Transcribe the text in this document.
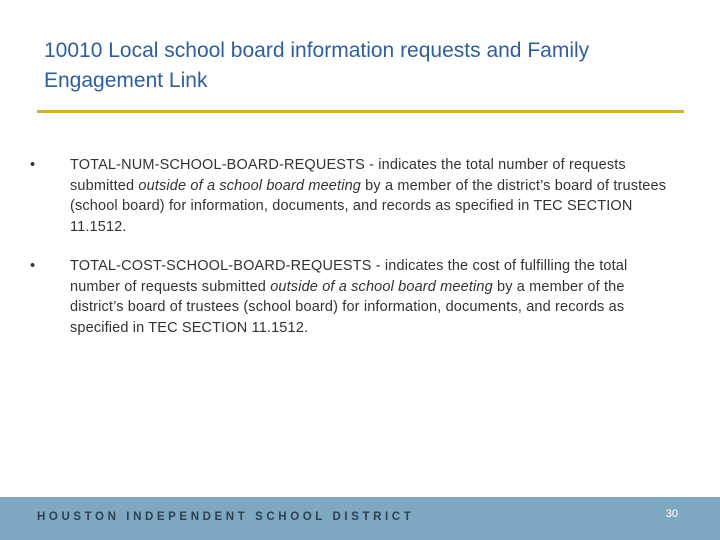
10010 Local school board information requests and Family Engagement Link
•	TOTAL-NUM-SCHOOL-BOARD-REQUESTS - indicates the total number of requests submitted outside of a school board meeting by a member of the district’s board of trustees (school board) for information, documents, and records as specified in TEC SECTION 11.1512.
•	TOTAL-COST-SCHOOL-BOARD-REQUESTS - indicates the cost of fulfilling the total number of requests submitted outside of a school board meeting by a member of the district’s board of trustees (school board) for information, documents, and records as specified in TEC SECTION 11.1512.
HOUSTON INDEPENDENT SCHOOL DISTRICT	30
